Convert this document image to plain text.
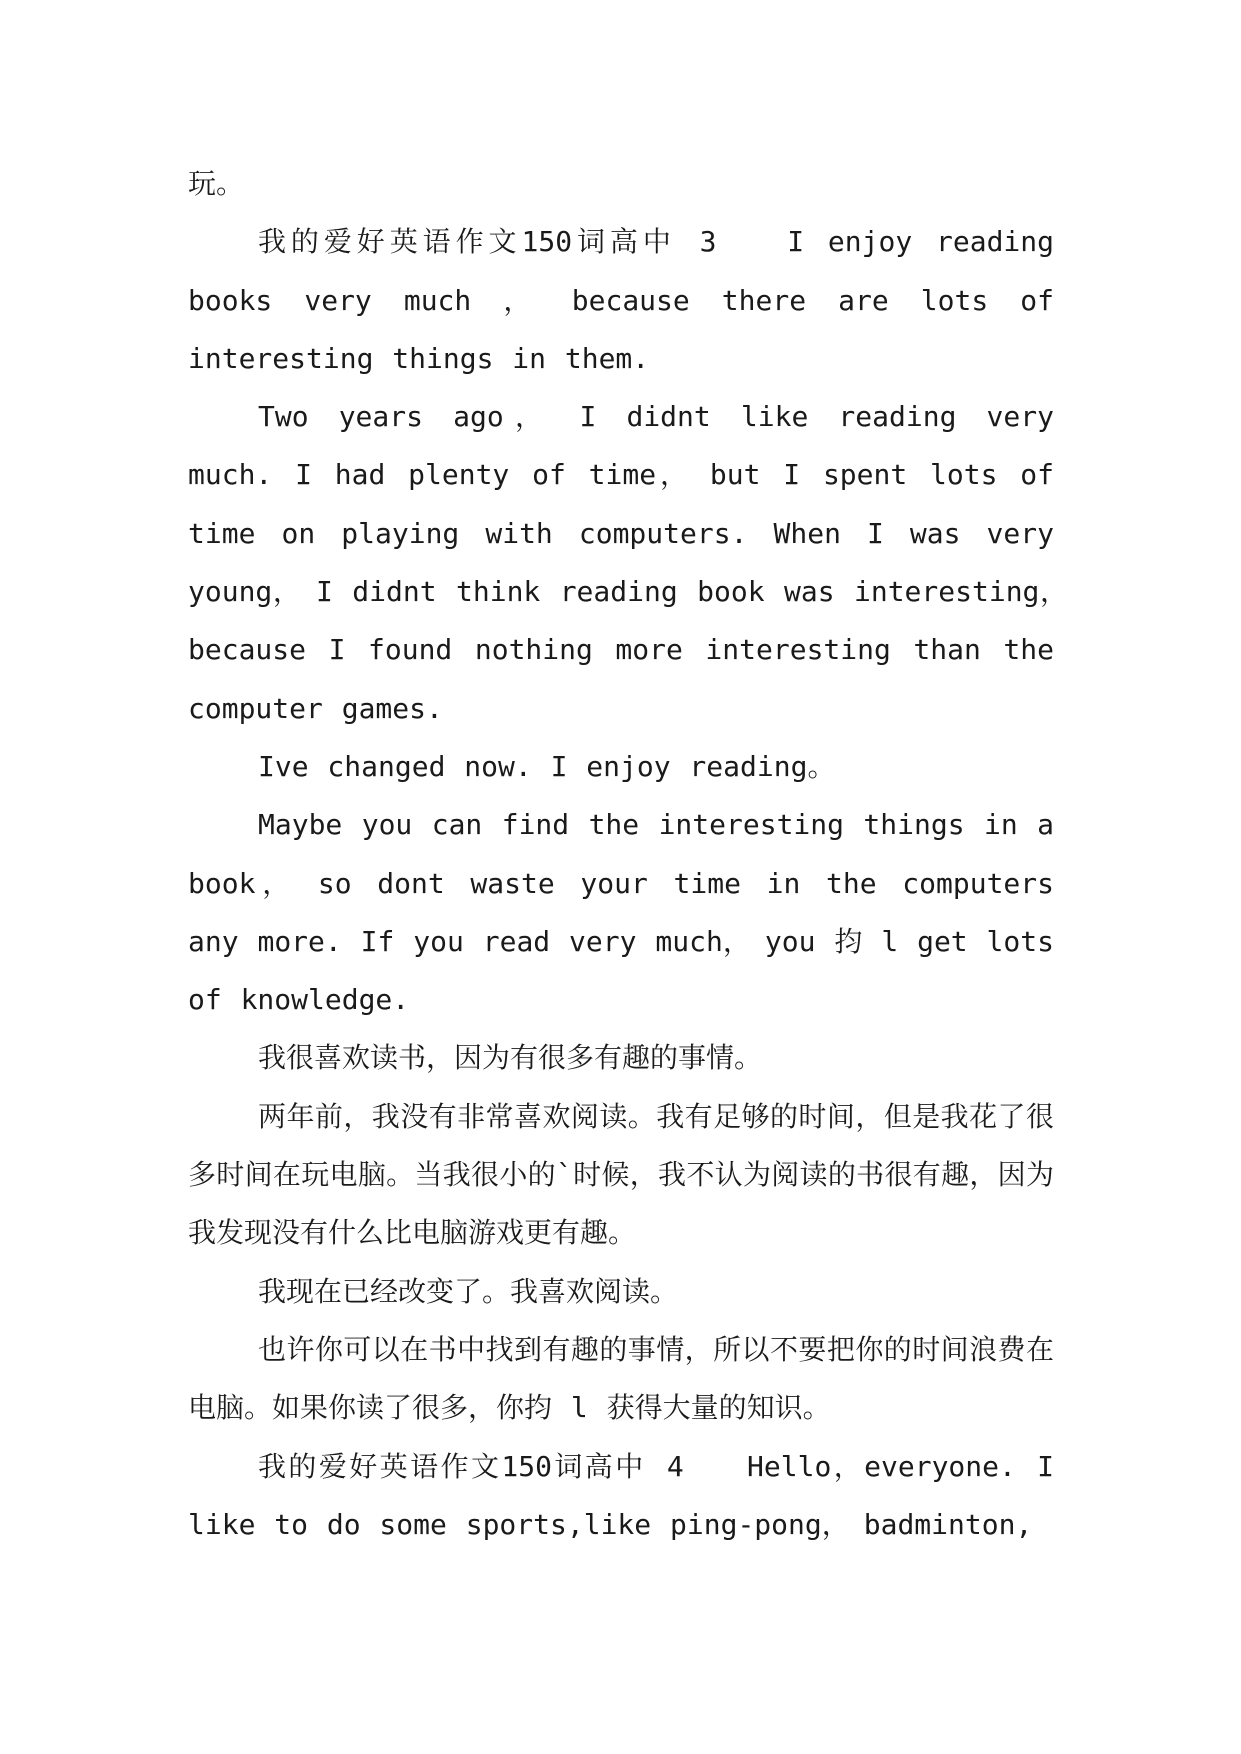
玩。

我的爱好英语作文150词高中 3　　I enjoy reading books very much ，　because there are lots of interesting things in them.

Two years ago，　I didnt like reading very much. I had plenty of time，　but I spent lots of time on playing with computers. When I was very young，　I didnt think reading book was interesting，　because I found nothing more interesting than the computer games.

Ive changed now. I enjoy reading。

Maybe you can find the interesting things in a book，　so dont waste your time in the computers any more. If you read very much，　you 抣 l get lots of knowledge.

我很喜欢读书，因为有很多有趣的事情。

两年前，我没有非常喜欢阅读。我有足够的时间，但是我花了很多时间在玩电脑。当我很小的`时候，我不认为阅读的书很有趣，因为我发现没有什么比电脑游戏更有趣。

我现在已经改变了。我喜欢阅读。

也许你可以在书中找到有趣的事情，所以不要把你的时间浪费在电脑。如果你读了很多，你抣 l 获得大量的知识。

我的爱好英语作文150词高中 4　　Hello，everyone. I like to do some sports,like ping-pong，　badminton,
